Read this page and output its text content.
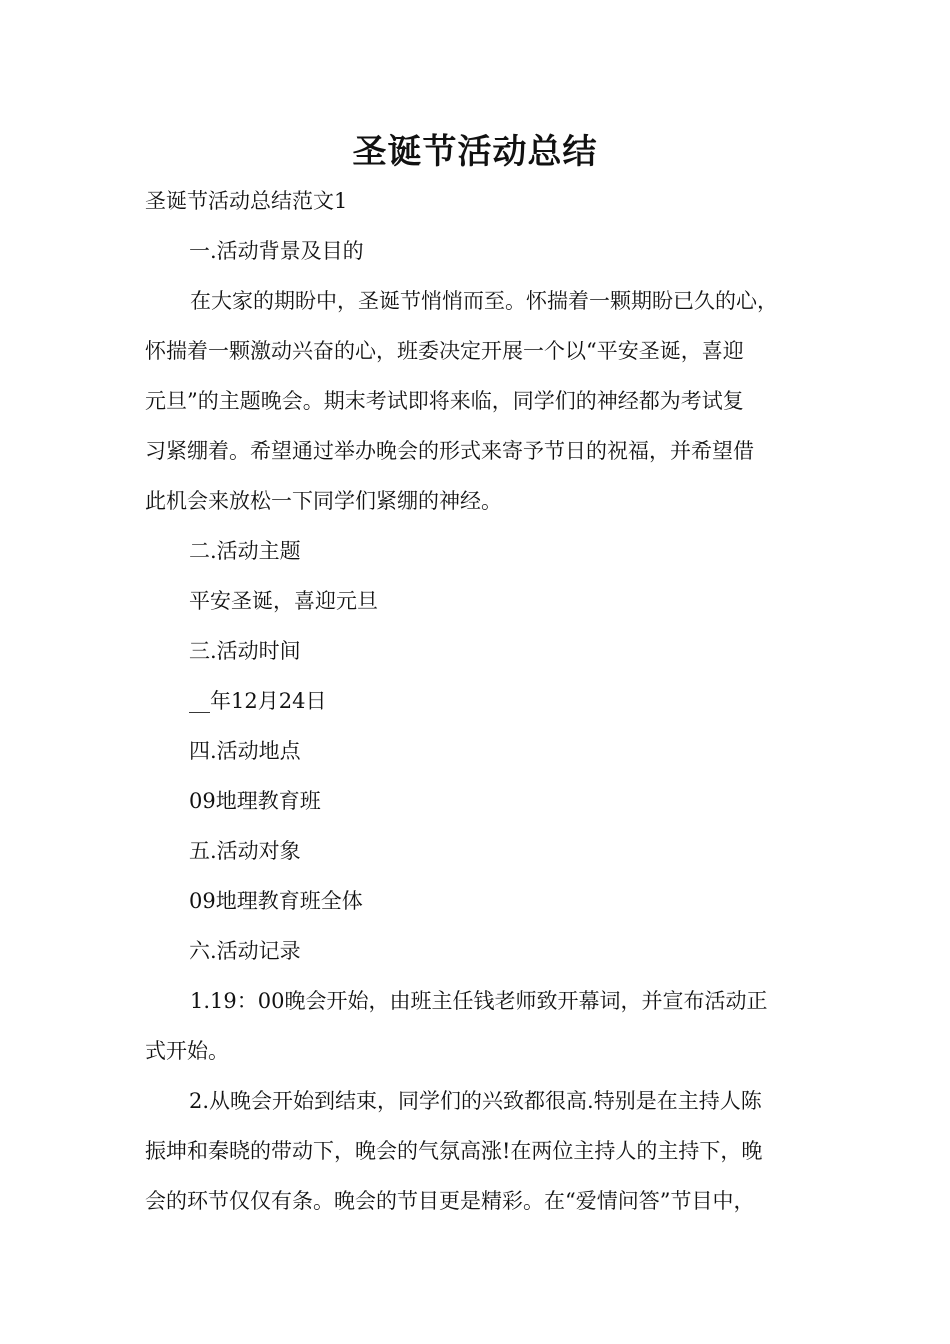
圣诞节活动总结
圣诞节活动总结范文1
一.活动背景及目的
在大家的期盼中，圣诞节悄悄而至。怀揣着一颗期盼已久的心，
怀揣着一颗激动兴奋的心，班委决定开展一个以“平安圣诞，喜迎
元旦”的主题晚会。期末考试即将来临，同学们的神经都为考试复
习紧绷着。希望通过举办晚会的形式来寄予节日的祝福，并希望借
此机会来放松一下同学们紧绷的神经。
二.活动主题
平安圣诞，喜迎元旦
三.活动时间
__年12月24日
四.活动地点
09地理教育班
五.活动对象
09地理教育班全体
六.活动记录
1.19：00晚会开始，由班主任钱老师致开幕词，并宣布活动正
式开始。
2.从晚会开始到结束，同学们的兴致都很高.特别是在主持人陈
振坤和秦晓的带动下，晚会的气氛高涨!在两位主持人的主持下，晚
会的环节仅仅有条。晚会的节目更是精彩。在“爱情问答”节目中，
